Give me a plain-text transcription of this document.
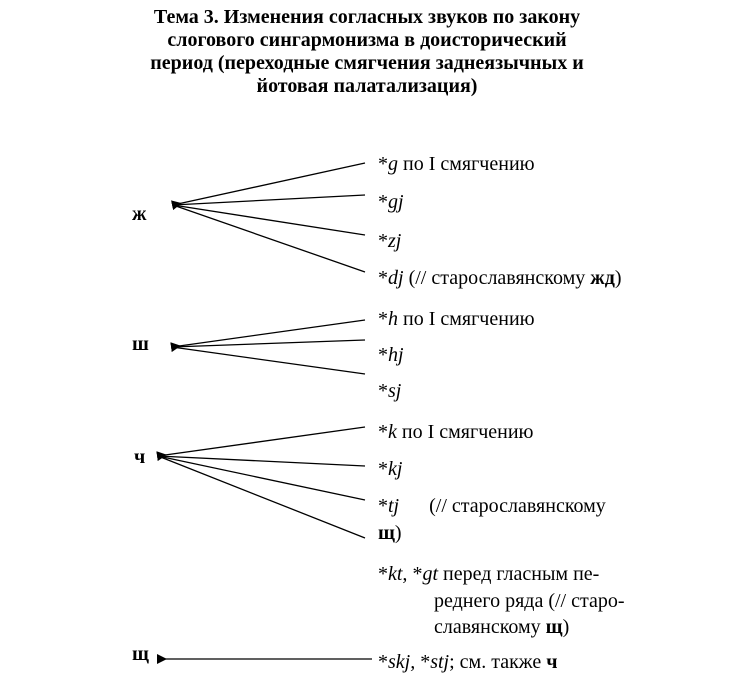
Тема 3. Изменения согласных звуков по закону
слогового сингармонизма в доисторический
период (переходные смягчения заднеязычных и
йотовая палатализация)
ж
ш
ч
щ
*g по I смягчению
*gj
*zj
*dj (// старославянскому жд)
*h по I смягчению
*hj
*sj
*k по I смягчению
*kj
*tj      (// старославянскому
щ)
*kt, *gt перед гласным пе-
реднего ряда (// старо-
славянскому щ)
*skj, *stj; см. также ч
